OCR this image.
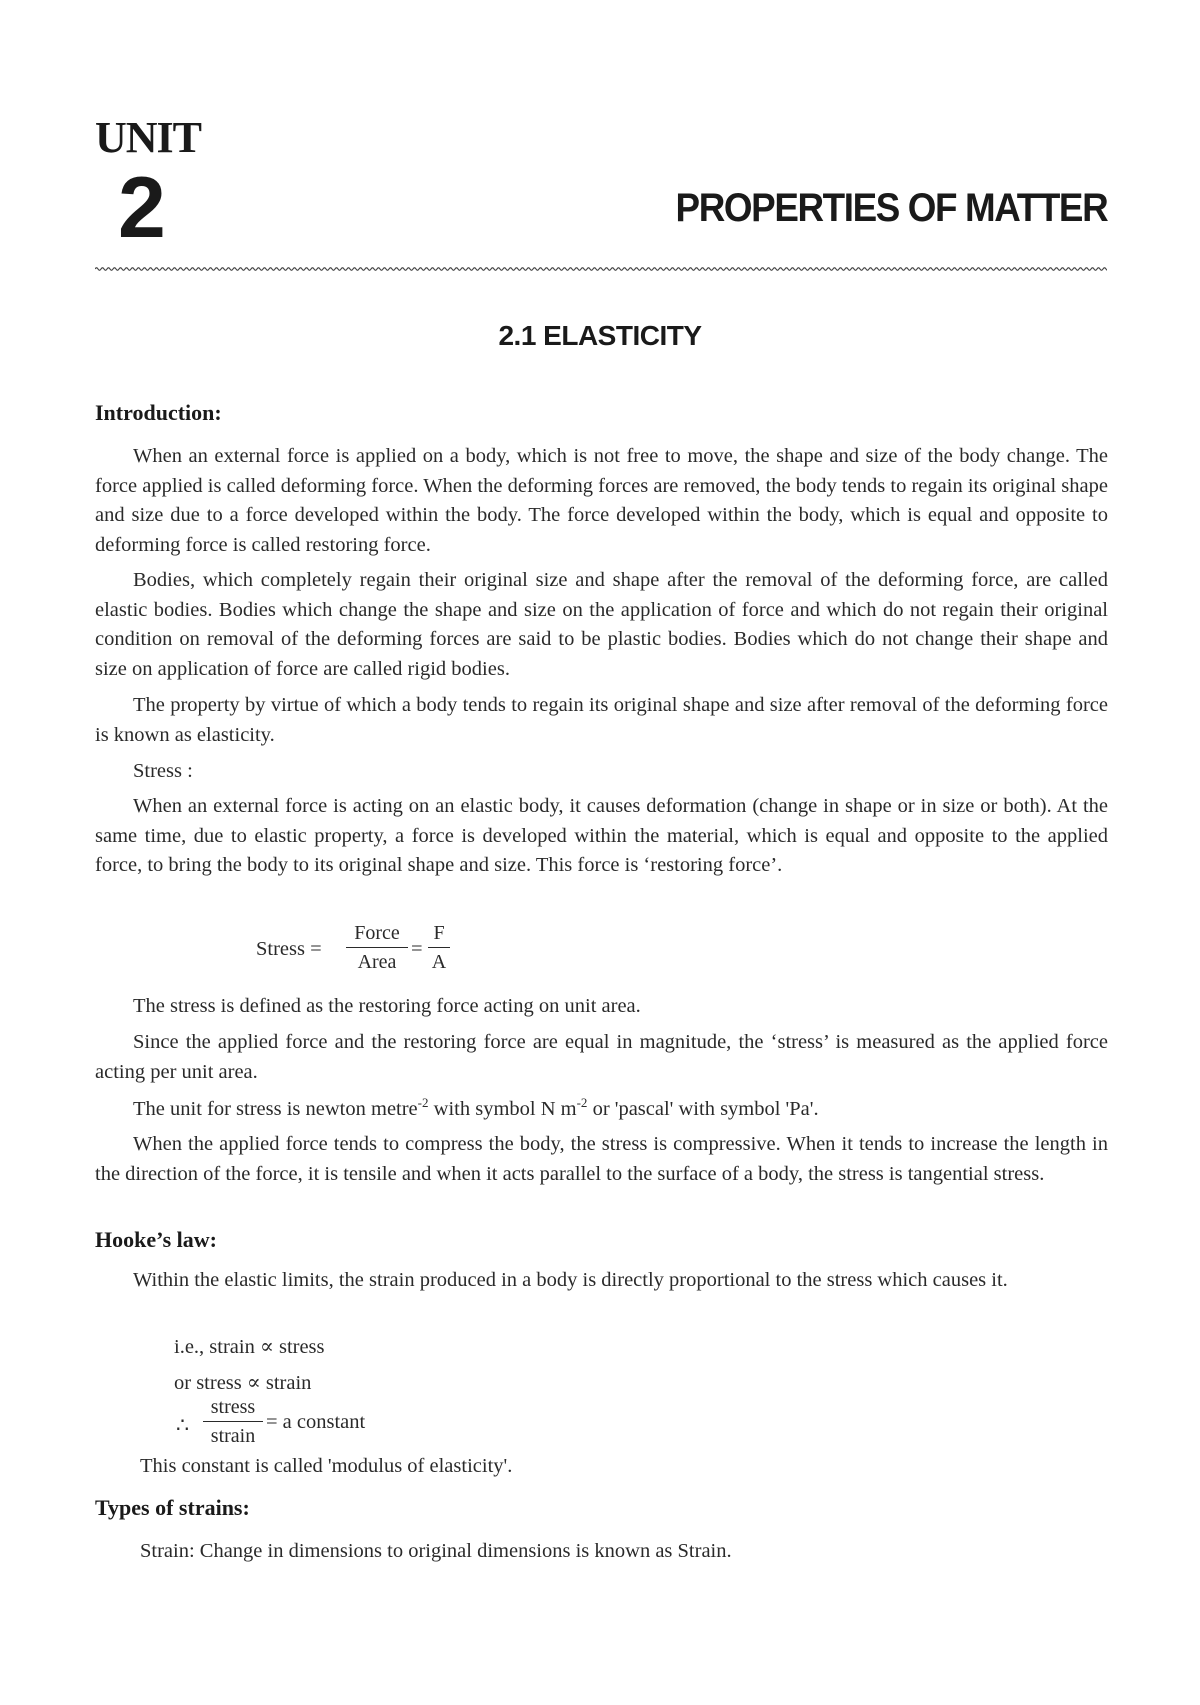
UNIT
2	PROPERTIES OF MATTER
2.1 ELASTICITY
Introduction:
When an external force is applied on a body, which is not free to move, the shape and size of the body change. The force applied is called deforming force. When the deforming forces are removed, the body tends to regain its original shape and size due to a force developed within the body. The force developed within the body, which is equal and opposite to deforming force is called restoring force.
Bodies, which completely regain their original size and shape after the removal of the deforming force, are called elastic bodies. Bodies which change the shape and size on the application of force and which do not regain their original condition on removal of the deforming forces are said to be plastic bodies. Bodies which do not change their shape and size on application of force are called rigid bodies.
The property by virtue of which a body tends to regain its original shape and size after removal of the deforming force is known as elasticity.
Stress :
When an external force is acting on an elastic body, it causes deformation (change in shape or in size or both). At the same time, due to elastic property, a force is developed within the material, which is equal and opposite to the applied force, to bring the body to its original shape and size. This force is ‘restoring force’.
Stress =
Force
Area
=
F
A
The stress is defined as the restoring force acting on unit area.
Since the applied force and the restoring force are equal in magnitude, the ‘stress’ is measured as the applied force acting per unit area.
The unit for stress is newton metre$^{-2}$ with symbol N $m^{-2}$ or 'pascal' with symbol 'Pa'.
When the applied force tends to compress the body, the stress is compressive. When it tends to increase the length in the direction of the force, it is tensile and when it acts parallel to the surface of a body, the stress is tangential stress.
Hooke’s law:
Within the elastic limits, the strain produced in a body is directly proportional to the stress which causes it.
i.e., strain ∝ stress
or stress ∝ strain
∴
stress
strain
= a constant
This constant is called 'modulus of elasticity'.
Types of strains:
Strain: Change in dimensions to original dimensions is known as Strain.
